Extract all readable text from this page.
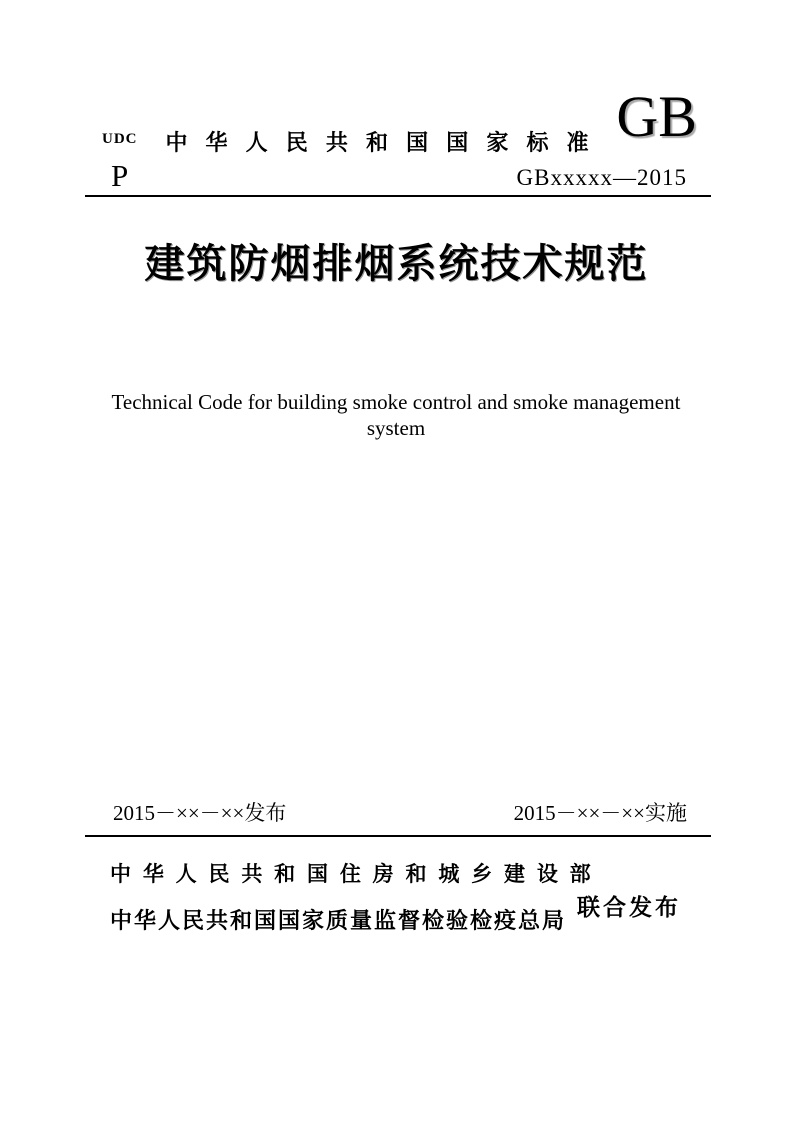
UDC
P
中 华 人 民 共 和 国 国 家 标 准 GB
GBxxxxx—2015
建筑防烟排烟系统技术规范
Technical Code for building smoke control and smoke management system
2015－××－××发布	2015－××－××实施
中 华 人 民 共 和 国 住 房 和 城 乡 建 设 部
中华人民共和国国家质量监督检验检疫总局
联合发布
